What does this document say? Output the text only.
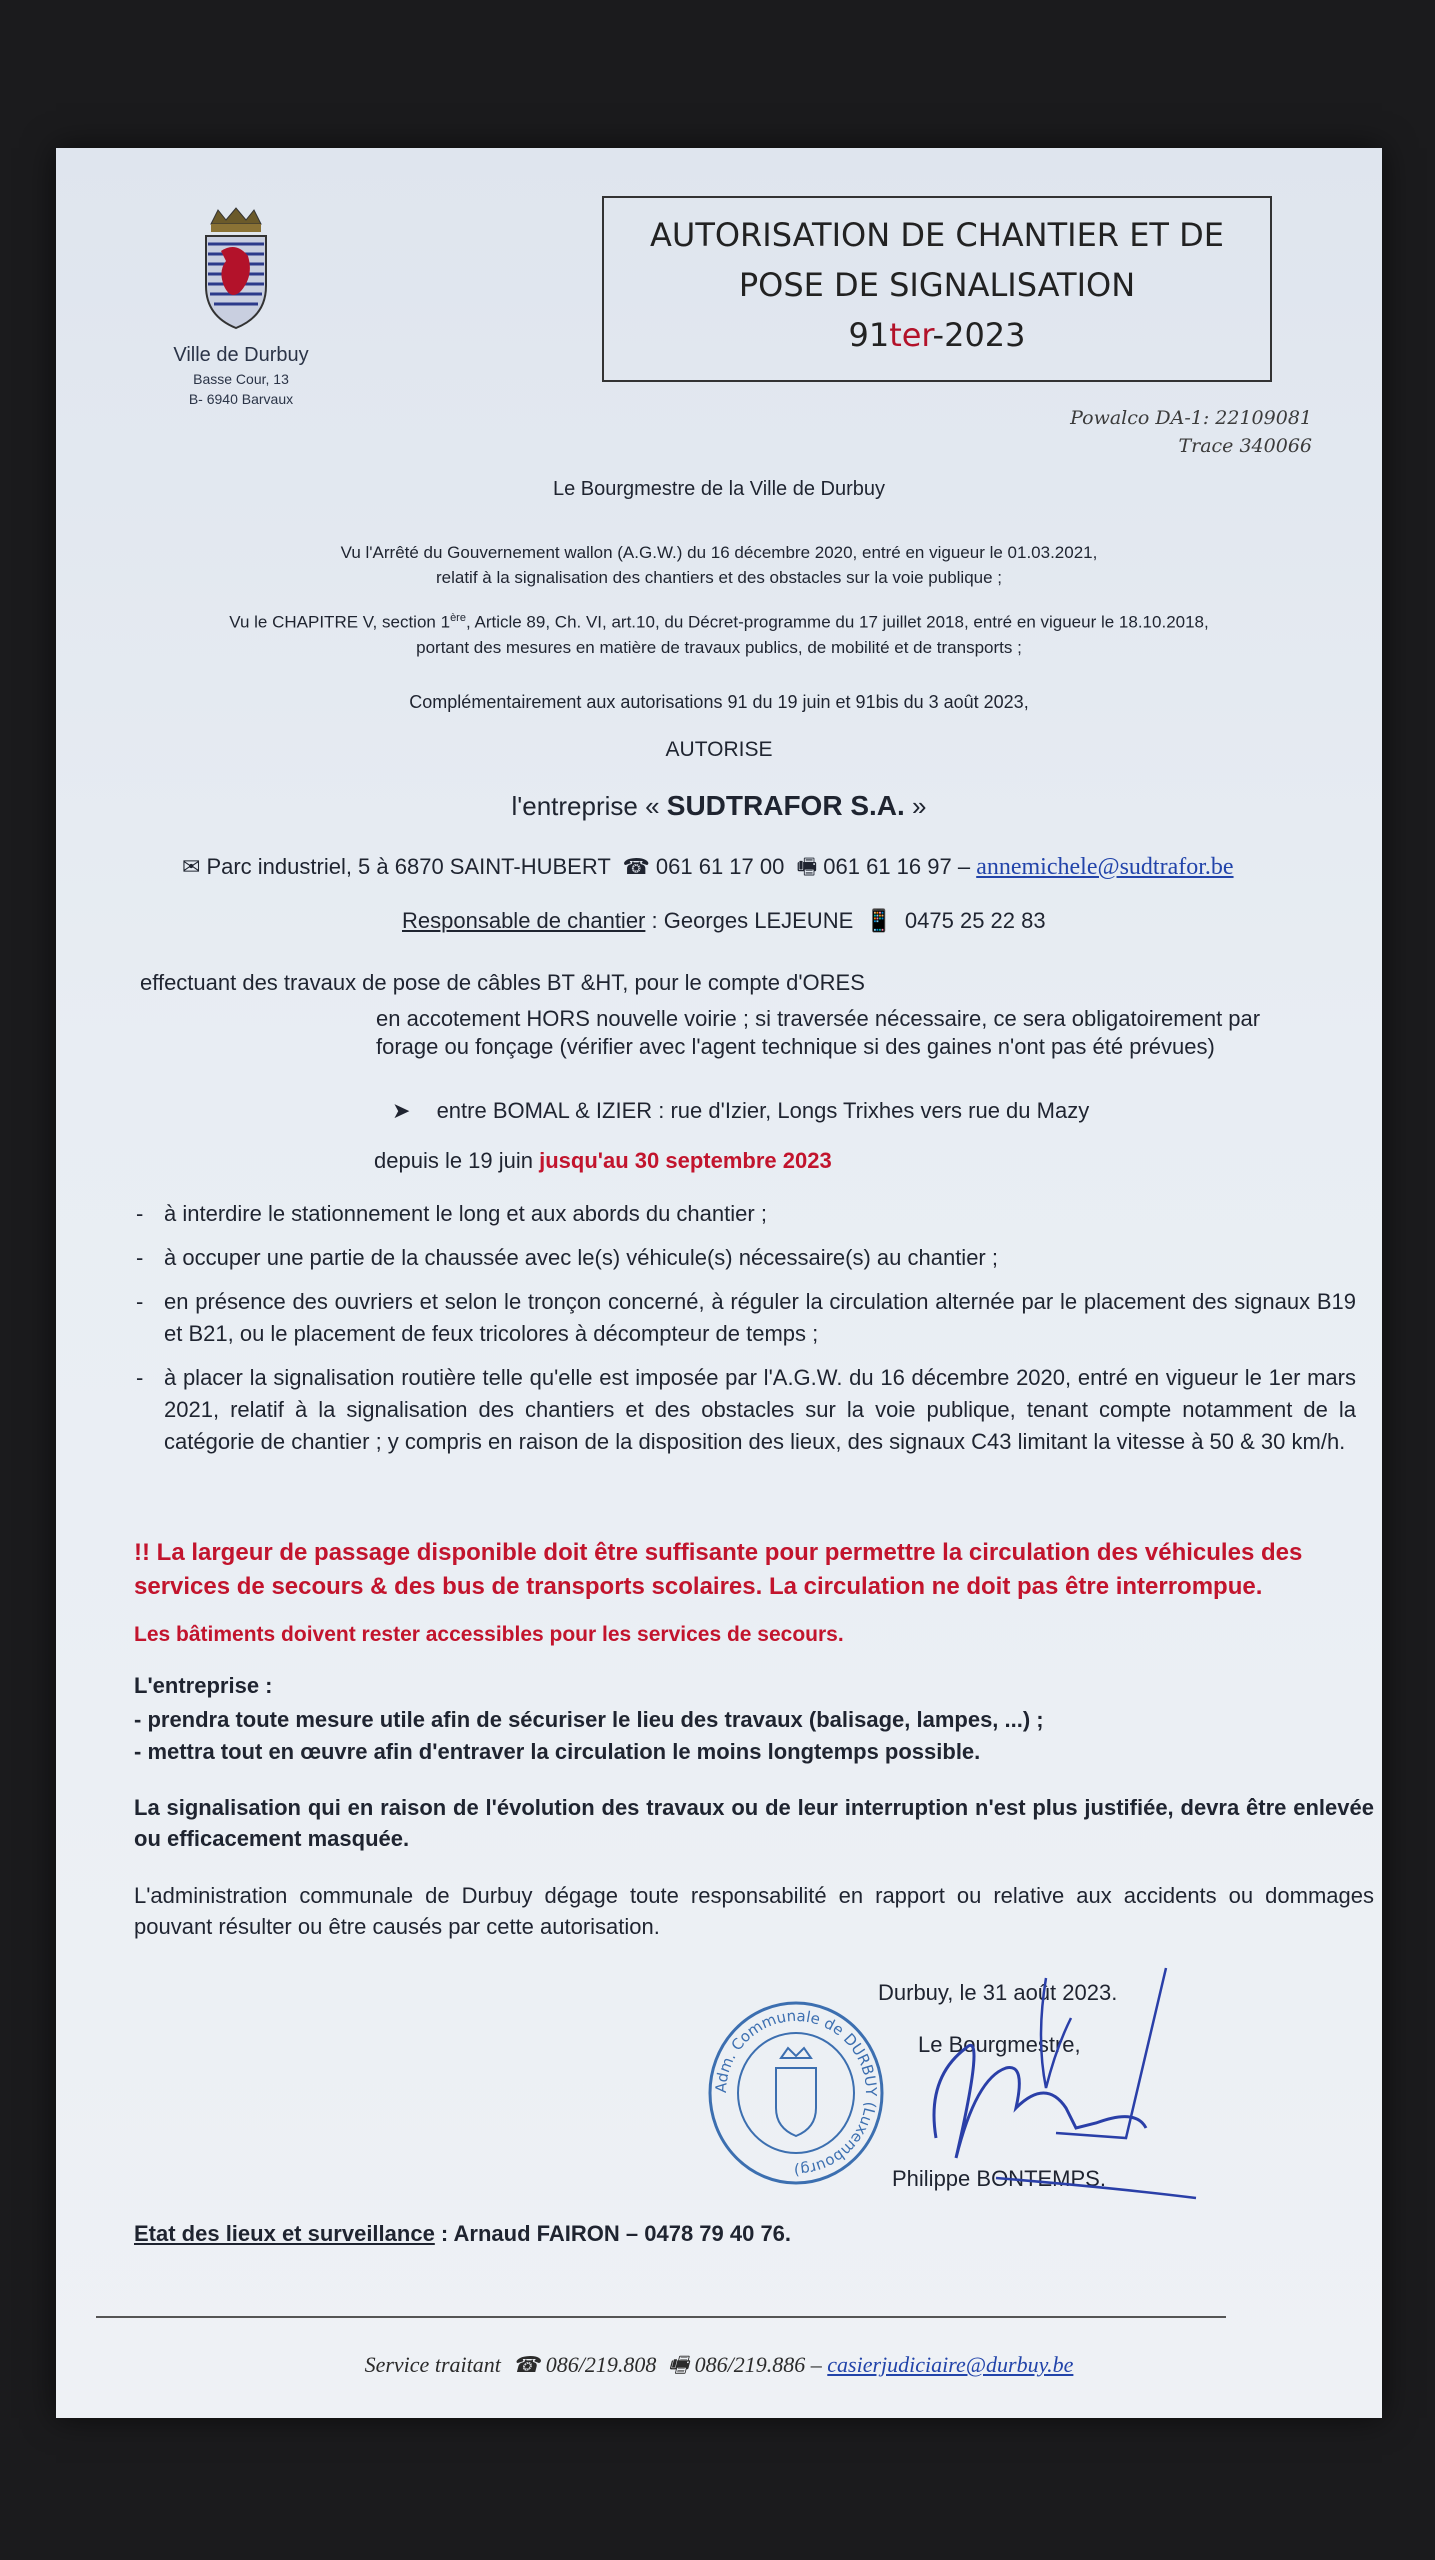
Ville de Durbuy
Basse Cour, 13
B- 6940 Barvaux
AUTORISATION DE CHANTIER ET DE
POSE DE SIGNALISATION
91ter-2023
Powalco DA-1: 22109081
Trace 340066
Le Bourgmestre de la Ville de Durbuy
Vu l'Arrêté du Gouvernement wallon (A.G.W.) du 16 décembre 2020, entré en vigueur le 01.03.2021,
relatif à la signalisation des chantiers et des obstacles sur la voie publique ;
Vu le CHAPITRE V, section 1ère, Article 89, Ch. VI, art.10, du Décret-programme du 17 juillet 2018, entré en vigueur le 18.10.2018,
portant des mesures en matière de travaux publics, de mobilité et de transports ;
Complémentairement aux autorisations 91 du 19 juin et 91bis du 3 août 2023,
AUTORISE
l'entreprise « SUDTRAFOR S.A. »
✉ Parc industriel, 5 à 6870 SAINT-HUBERT ☎ 061 61 17 00 🖷 061 61 16 97 – annemichele@sudtrafor.be
Responsable de chantier : Georges LEJEUNE 📱 0475 25 22 83
effectuant des travaux de pose de câbles BT &HT, pour le compte d'ORES
en accotement HORS nouvelle voirie ; si traversée nécessaire, ce sera obligatoirement par
forage ou fonçage (vérifier avec l'agent technique si des gaines n'ont pas été prévues)
➤ entre BOMAL & IZIER : rue d'Izier, Longs Trixhes vers rue du Mazy
depuis le 19 juin jusqu'au 30 septembre 2023
- à interdire le stationnement le long et aux abords du chantier ;
- à occuper une partie de la chaussée avec le(s) véhicule(s) nécessaire(s) au chantier ;
- en présence des ouvriers et selon le tronçon concerné, à réguler la circulation alternée par le placement des signaux B19 et B21, ou le placement de feux tricolores à décompteur de temps ;
- à placer la signalisation routière telle qu'elle est imposée par l'A.G.W. du 16 décembre 2020, entré en vigueur le 1er mars 2021, relatif à la signalisation des chantiers et des obstacles sur la voie publique, tenant compte notamment de la catégorie de chantier ; y compris en raison de la disposition des lieux, des signaux C43 limitant la vitesse à 50 & 30 km/h.
!! La largeur de passage disponible doit être suffisante pour permettre la circulation des véhicules des services de secours & des bus de transports scolaires. La circulation ne doit pas être interrompue.
Les bâtiments doivent rester accessibles pour les services de secours.
L'entreprise :
- prendra toute mesure utile afin de sécuriser le lieu des travaux (balisage, lampes, ...) ;
- mettra tout en œuvre afin d'entraver la circulation le moins longtemps possible.
La signalisation qui en raison de l'évolution des travaux ou de leur interruption n'est plus justifiée, devra être enlevée ou efficacement masquée.
L'administration communale de Durbuy dégage toute responsabilité en rapport ou relative aux accidents ou dommages pouvant résulter ou être causés par cette autorisation.
Durbuy, le 31 août 2023.
Le Bourgmestre,
Philippe BONTEMPS.
Adm. Communale de DURBUY (Luxembourg)
Etat des lieux et surveillance : Arnaud FAIRON – 0478 79 40 76.
Service traitant ☎ 086/219.808 🖷 086/219.886 – casierjudiciaire@durbuy.be
